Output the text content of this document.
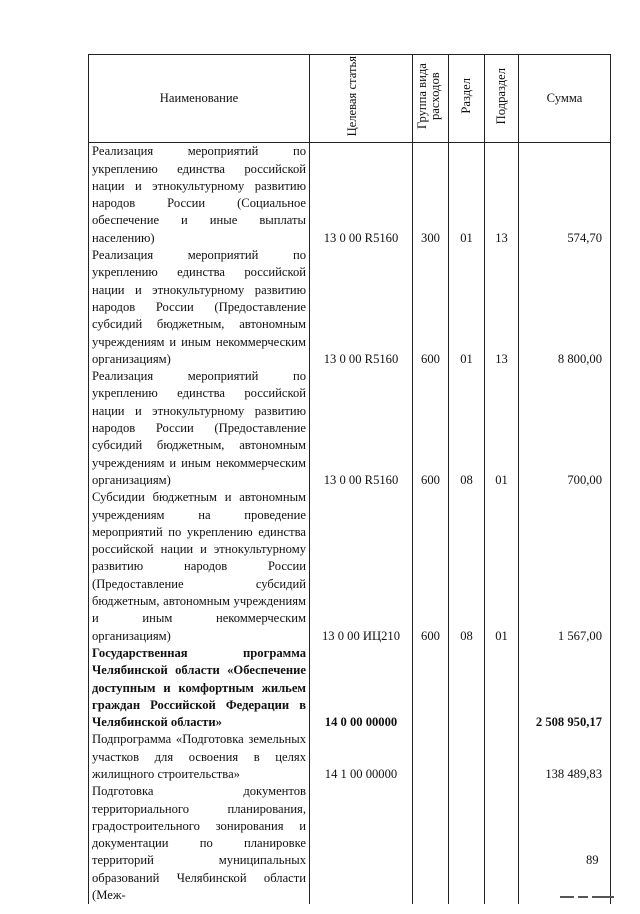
Наименование	Целевая статья	Группа вида расходов	Раздел	Подраздел	Сумма
Реализация мероприятий по укреплению единства российской нации и этнокультурному развитию народов России (Социальное обеспечение и иные выплаты населению)	13 0 00 R5160	300	01	13	574,70
Реализация мероприятий по укреплению единства российской нации и этнокультурному развитию народов России (Предоставление субсидий бюджетным, автономным учреждениям и иным некоммерческим организациям)	13 0 00 R5160	600	01	13	8 800,00
Реализация мероприятий по укреплению единства российской нации и этнокультурному развитию народов России (Предоставление субсидий бюджетным, автономным учреждениям и иным некоммерческим организациям)	13 0 00 R5160	600	08	01	700,00
Субсидии бюджетным и автономным учреждениям на проведение мероприятий по укреплению единства российской нации и этнокультурному развитию народов России (Предоставление субсидий бюджетным, автономным учреждениям и иным некоммерческим организациям)	13 0 00 ИЦ210	600	08	01	1 567,00
Государственная программа Челябинской области «Обеспечение доступным и комфортным жильем граждан Российской Федерации в Челябинской области»	14 0 00 00000				2 508 950,17
Подпрограмма «Подготовка земельных участков для освоения в целях жилищного строительства»	14 1 00 00000				138 489,83
Подготовка документов территориального планирования, градостроительного зонирования и документации по планировке территорий муниципальных образований Челябинской области (Меж-					
89
